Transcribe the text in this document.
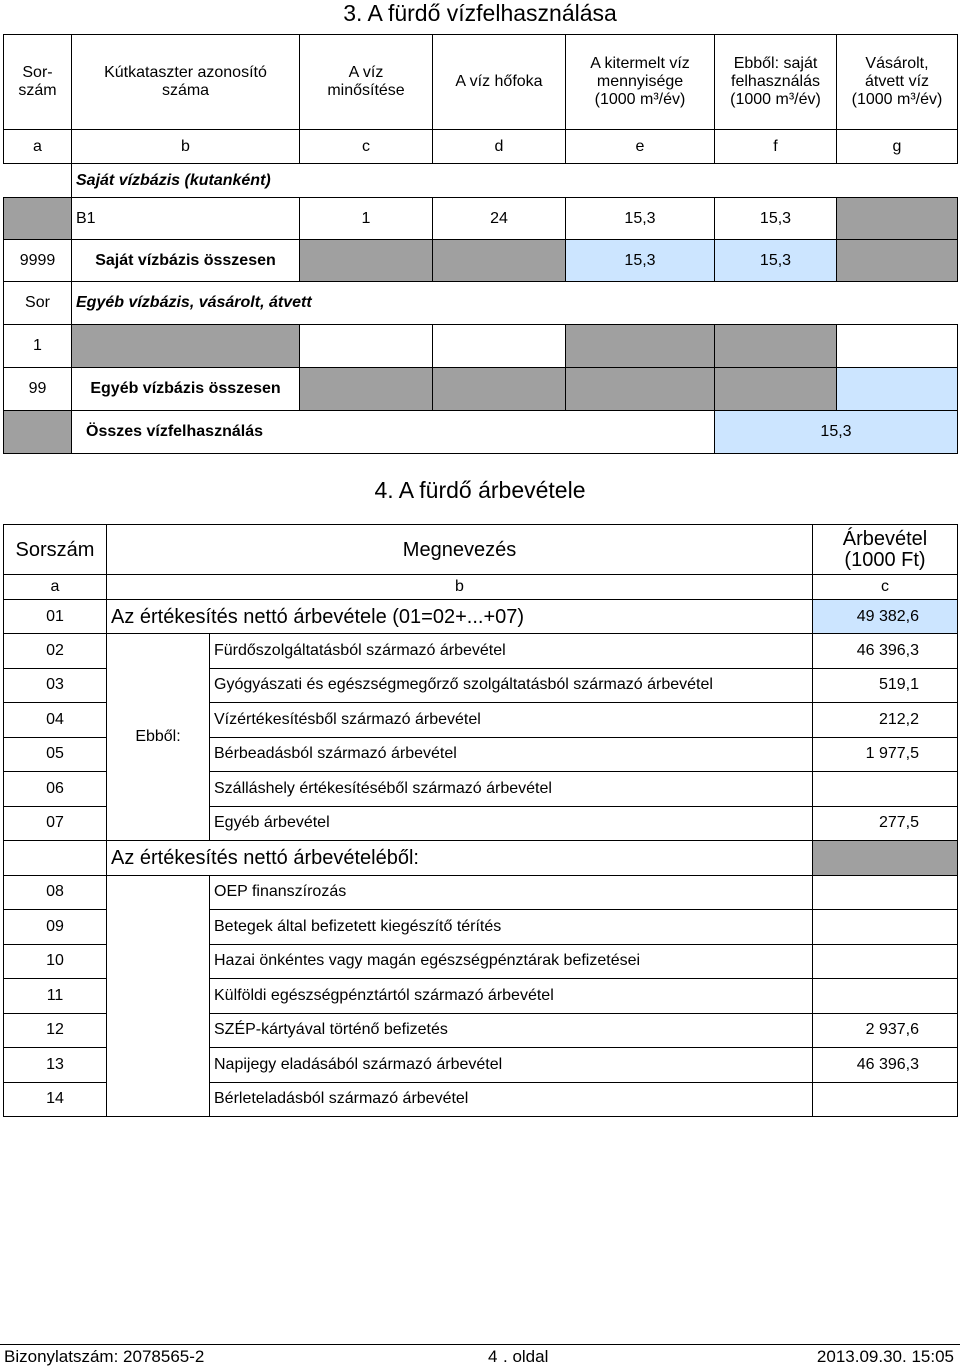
3. A fürdő vízfelhasználása
Sor-
szám	Kútkataszter azonosító
száma	A víz
minősítése	A víz hőfoka	A kitermelt víz
mennyisége
(1000 m³/év)	Ebből: saját
felhasználás
(1000 m³/év)	Vásárolt,
átvett víz
(1000 m³/év)
a	b	c	d	e	f	g
	Saját vízbázis (kutanként)					
	B1	1	24	15,3	15,3	
9999	Saját vízbázis összesen			15,3	15,3	
Sor	Egyéb vízbázis, vásárolt, átvett					
1						
99	Egyéb vízbázis összesen					
	Összes vízfelhasználás				15,3	
4. A fürdő árbevétele
Sorszám	Megnevezés		Árbevétel
(1000 Ft)
a	b		c
01	Az értékesítés nettó árbevétele (01=02+...+07)		49 382,6
02	Ebből:	Fürdőszolgáltatásból származó árbevétel	46 396,3
03		Gyógyászati és egészségmegőrző szolgáltatásból származó árbevétel	519,1
04		Vízértékesítésből származó árbevétel	212,2
05		Bérbeadásból származó árbevétel	1 977,5
06		Szálláshely értékesítéséből származó árbevétel	
07		Egyéb árbevétel	277,5
	Az értékesítés nettó árbevételéből:		
08		OEP finanszírozás	
09		Betegek által befizetett kiegészítő térítés	
10		Hazai önkéntes vagy magán egészségpénztárak befizetései	
11		Külföldi egészségpénztártól származó árbevétel	
12		SZÉP-kártyával történő befizetés	2 937,6
13		Napijegy eladásából származó árbevétel	46 396,3
14		Bérleteladásból származó árbevétel	
Bizonylatszám: 2078565-2	4 . oldal	2013.09.30. 15:05
